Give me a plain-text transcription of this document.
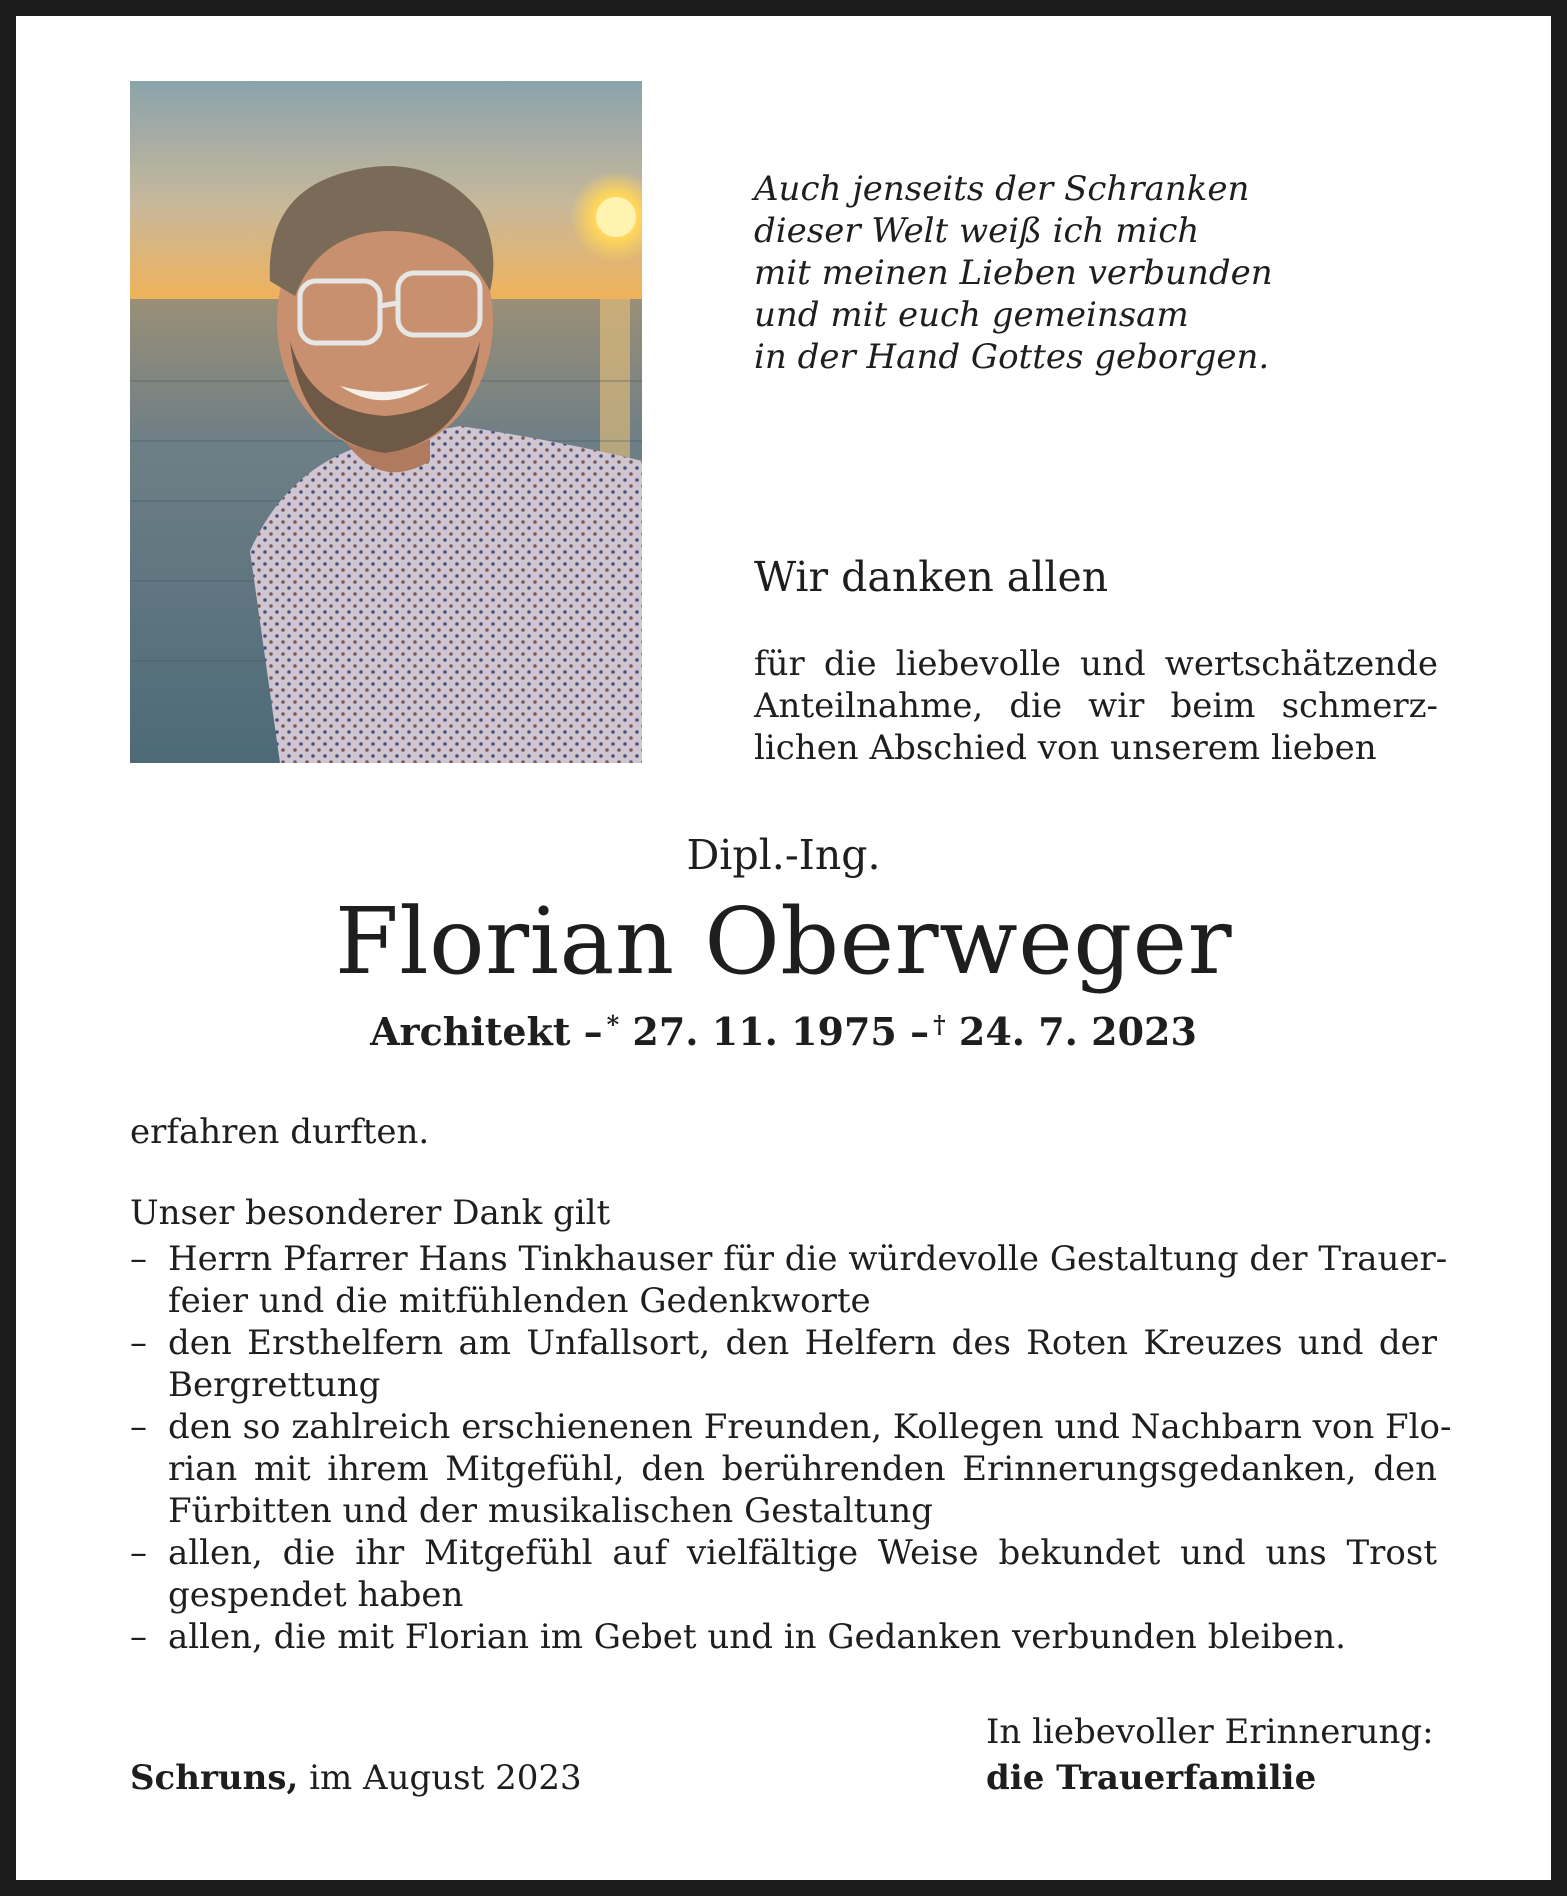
Auch jenseits der Schranken
dieser Welt weiß ich mich
mit meinen Lieben verbunden
und mit euch gemeinsam
in der Hand Gottes geborgen.
Wir danken allen
für die liebevolle und wertschätzende
Anteilnahme, die wir beim schmerz-
lichen Abschied von unserem lieben
Dipl.-Ing.
Florian Oberweger
Architekt – * 27. 11. 1975 – † 24. 7. 2023
erfahren durften.
Unser besonderer Dank gilt
– Herrn Pfarrer Hans Tinkhauser für die würdevolle Gestaltung der Trauer-
feier und die mitfühlenden Gedenkworte
– den Ersthelfern am Unfallsort, den Helfern des Roten Kreuzes und der
Bergrettung
– den so zahlreich erschienenen Freunden, Kollegen und Nachbarn von Flo-
rian mit ihrem Mitgefühl, den berührenden Erinnerungsgedanken, den
Fürbitten und der musikalischen Gestaltung
– allen, die ihr Mitgefühl auf vielfältige Weise bekundet und uns Trost
gespendet haben
– allen, die mit Florian im Gebet und in Gedanken verbunden bleiben.
In liebevoller Erinnerung:
die Trauerfamilie
Schruns, im August 2023
